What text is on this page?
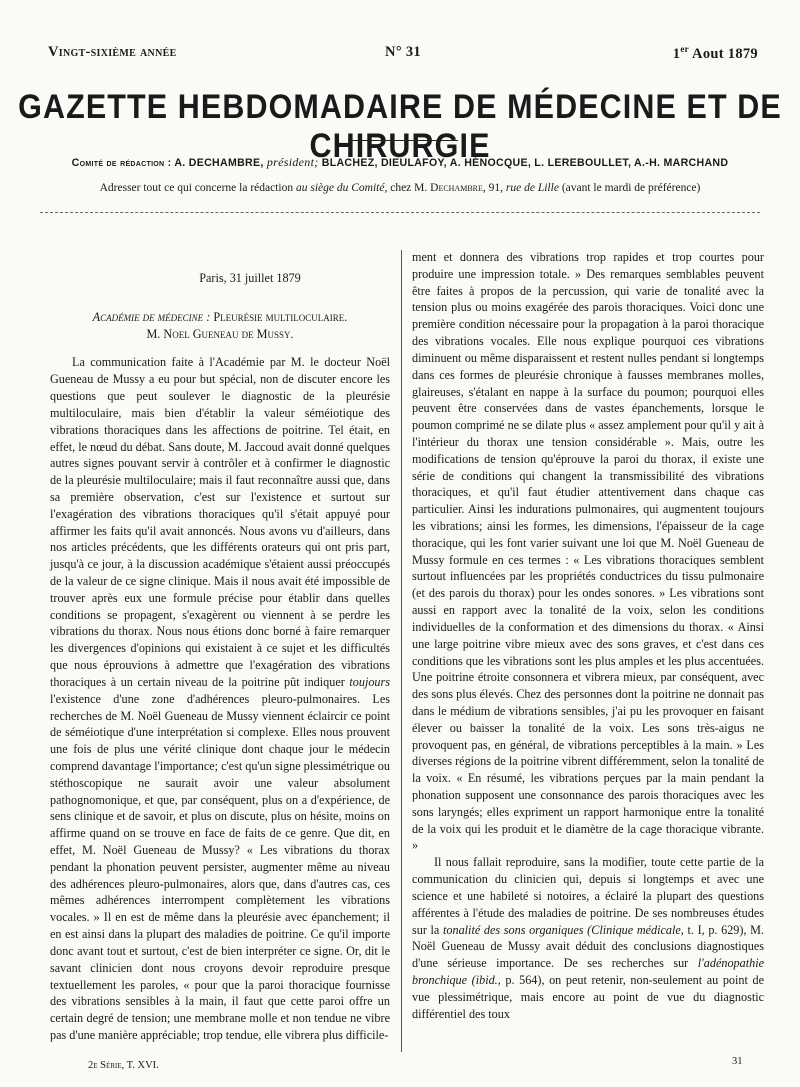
Vingt-sixième année	N° 31	1er Aout 1879
GAZETTE HEBDOMADAIRE DE MÉDECINE ET DE CHIRURGIE
Comité de rédaction : A. DECHAMBRE, président; BLACHEZ, DIEULAFOY, A. HÉNOCQUE, L. LEREBOULLET, A.-H. MARCHAND
Adresser tout ce qui concerne la rédaction au siège du Comité, chez M. Dechambre, 91, rue de Lille (avant le mardi de préférence)

Paris, 31 juillet 1879

Académie de médecine : Pleurésie multiloculaire.

M. Noel Gueneau de Mussy.

La communication faite à l'Académie par M. le docteur Noël Gueneau de Mussy a eu pour but spécial, non de discuter encore les questions que peut soulever le diagnostic de la pleurésie multiloculaire, mais bien d'établir la valeur séméiotique des vibrations thoraciques dans les affections de poitrine. Tel était, en effet, le nœud du débat. Sans doute, M. Jaccoud avait donné quelques autres signes pouvant servir à contrôler et à confirmer le diagnostic de la pleurésie multiloculaire; mais il faut reconnaître aussi que, dans sa première observation, c'est sur l'existence et surtout sur l'exagération des vibrations thoraciques qu'il s'était appuyé pour affirmer les faits qu'il avait annoncés. Nous avons vu d'ailleurs, dans nos articles précédents, que les différents orateurs qui ont pris part, jusqu'à ce jour, à la discussion académique s'étaient aussi préoccupés de la valeur de ce signe clinique. Mais il nous avait été impossible de trouver après eux une formule précise pour établir dans quelles conditions se propagent, s'exagèrent ou viennent à se perdre les vibrations du thorax. Nous nous étions donc borné à faire remarquer les divergences d'opinions qui existaient à ce sujet et les difficultés que nous éprouvions à admettre que l'exagération des vibrations thoraciques à un certain niveau de la poitrine pût indiquer toujours l'existence d'une zone d'adhérences pleuro-pulmonaires. Les recherches de M. Noël Gueneau de Mussy viennent éclaircir ce point de séméiotique d'une interprétation si complexe. Elles nous prouvent une fois de plus une vérité clinique dont chaque jour le médecin comprend davantage l'importance; c'est qu'un signe plessimétrique ou stéthoscopique ne saurait avoir une valeur absolument pathognomonique, et que, par conséquent, plus on a d'expérience, de sens clinique et de savoir, et plus on discute, plus on hésite, moins on affirme quand on se trouve en face de faits de ce genre. Que dit, en effet, M. Noël Gueneau de Mussy? « Les vibrations du thorax pendant la phonation peuvent persister, augmenter même au niveau des adhérences pleuro-pulmonaires, alors que, dans d'autres cas, ces mêmes adhérences interrompent complètement les vibrations vocales. » Il en est de même dans la pleurésie avec épanchement; il en est ainsi dans la plupart des maladies de poitrine. Ce qu'il importe donc avant tout et surtout, c'est de bien interpréter ce signe. Or, dit le savant clinicien dont nous croyons devoir reproduire presque textuellement les paroles, « pour que la paroi thoracique fournisse des vibrations sensibles à la main, il faut que cette paroi offre un certain degré de tension; une membrane molle et non tendue ne vibre pas d'une manière appréciable; trop tendue, elle vibrera plus difficile-

ment et donnera des vibrations trop rapides et trop courtes pour produire une impression totale. » Des remarques semblables peuvent être faites à propos de la percussion, qui varie de tonalité avec la tension plus ou moins exagérée des parois thoraciques. Voici donc une première condition nécessaire pour la propagation à la paroi thoracique des vibrations vocales. Elle nous explique pourquoi ces vibrations diminuent ou même disparaissent et restent nulles pendant si longtemps dans ces formes de pleurésie chronique à fausses membranes molles, glaireuses, s'étalant en nappe à la surface du poumon; pourquoi elles peuvent être conservées dans de vastes épanchements, lorsque le poumon comprimé ne se dilate plus « assez amplement pour qu'il y ait à l'intérieur du thorax une tension considérable ». Mais, outre les modifications de tension qu'éprouve la paroi du thorax, il existe une série de conditions qui changent la transmissibilité des vibrations thoraciques, et qu'il faut étudier attentivement dans chaque cas particulier. Ainsi les indurations pulmonaires, qui augmentent toujours les vibrations; ainsi les formes, les dimensions, l'épaisseur de la cage thoracique, qui les font varier suivant une loi que M. Noël Gueneau de Mussy formule en ces termes : « Les vibrations thoraciques semblent surtout influencées par les propriétés conductrices du tissu pulmonaire (et des parois du thorax) pour les ondes sonores. » Les vibrations sont aussi en rapport avec la tonalité de la voix, selon les conditions individuelles de la conformation et des dimensions du thorax. « Ainsi une large poitrine vibre mieux avec des sons graves, et c'est dans ces conditions que les vibrations sont les plus amples et les plus accentuées. Une poitrine étroite consonnera et vibrera mieux, par conséquent, avec des sons plus élevés. Chez des personnes dont la poitrine ne donnait pas dans le médium de vibrations sensibles, j'ai pu les provoquer en faisant élever ou baisser la tonalité de la voix. Les sons très-aigus ne provoquent pas, en général, de vibrations perceptibles à la main. » Les diverses régions de la poitrine vibrent différemment, selon la tonalité de la voix. « En résumé, les vibrations perçues par la main pendant la phonation supposent une consonnance des parois thoraciques avec les sons laryngés; elles expriment un rapport harmonique entre la tonalité de la voix qui les produit et le diamètre de la cage thoracique vibrante. »

Il nous fallait reproduire, sans la modifier, toute cette partie de la communication du clinicien qui, depuis si longtemps et avec une science et une habileté si notoires, a éclairé la plupart des questions afférentes à l'étude des maladies de poitrine. De ses nombreuses études sur la tonalité des sons organiques (Clinique médicale, t. I, p. 629), M. Noël Gueneau de Mussy avait déduit des conclusions diagnostiques d'une sérieuse importance. De ses recherches sur l'adénopathie bronchique (ibid., p. 564), on peut retenir, non-seulement au point de vue plessimétrique, mais encore au point de vue du diagnostic différentiel des toux

2e Série, T. XVI.	31
